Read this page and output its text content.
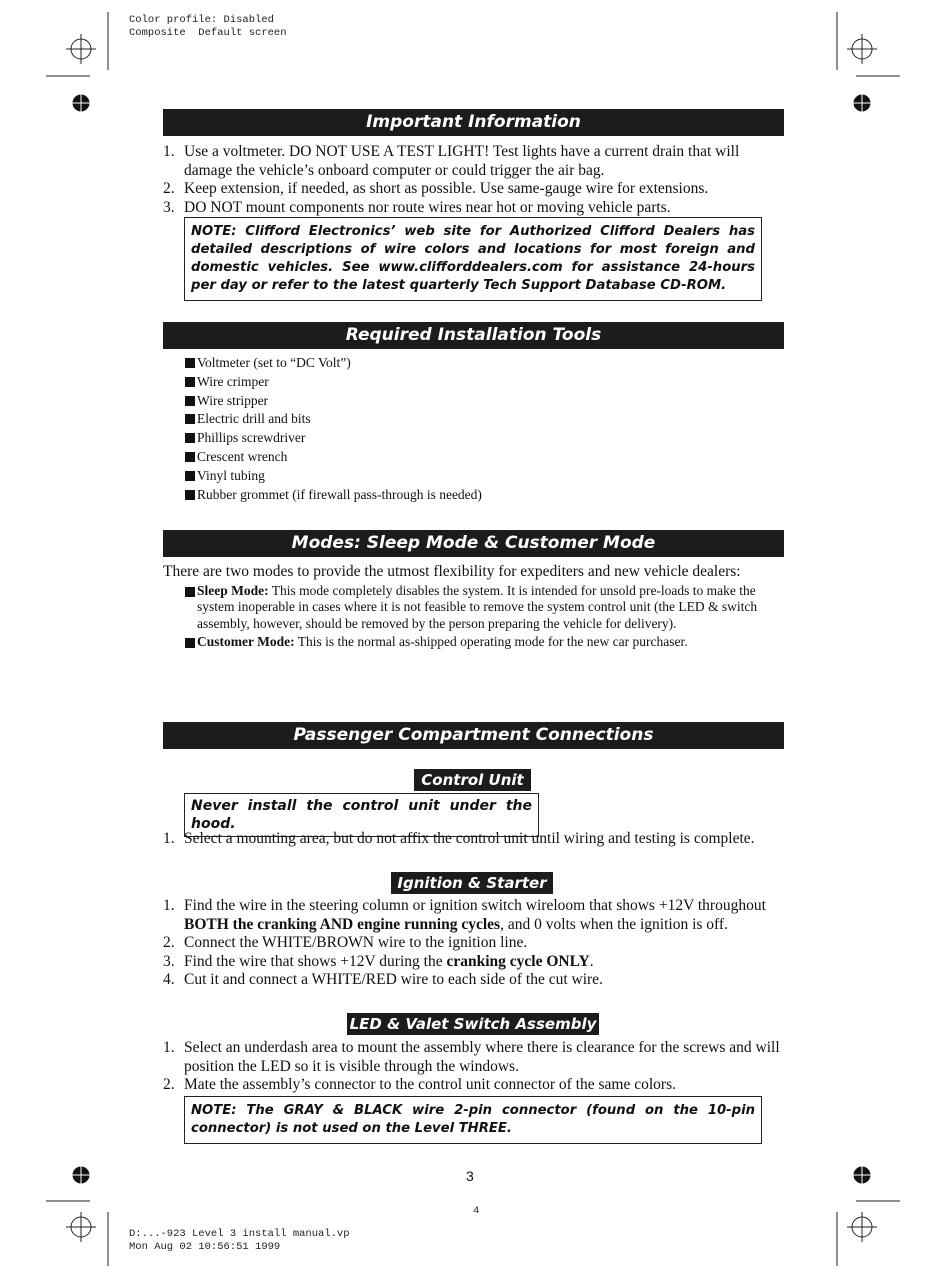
Color profile: Disabled
Composite  Default screen
Important Information
1. Use a voltmeter. DO NOT USE A TEST LIGHT! Test lights have a current drain that will damage the vehicle’s onboard computer or could trigger the air bag.
2. Keep extension, if needed, as short as possible. Use same-gauge wire for extensions.
3. DO NOT mount components nor route wires near hot or moving vehicle parts.
NOTE: Clifford Electronics’ web site for Authorized Clifford Dealers has detailed descriptions of wire colors and locations for most foreign and domestic vehicles. See www.clifforddealers.com for assistance 24-hours per day or refer to the latest quarterly Tech Support Database CD-ROM.
Required Installation Tools
Voltmeter (set to “DC Volt”)
Wire crimper
Wire stripper
Electric drill and bits
Phillips screwdriver
Crescent wrench
Vinyl tubing
Rubber grommet (if firewall pass-through is needed)
Modes: Sleep Mode & Customer Mode
There are two modes to provide the utmost flexibility for expediters and new vehicle dealers:
Sleep Mode: This mode completely disables the system. It is intended for unsold pre-loads to make the system inoperable in cases where it is not feasible to remove the system control unit (the LED & switch assembly, however, should be removed by the person preparing the vehicle for delivery).
Customer Mode: This is the normal as-shipped operating mode for the new car purchaser.
Passenger Compartment Connections
Control Unit
Never install the control unit under the hood.
1. Select a mounting area, but do not affix the control unit until wiring and testing is complete.
Ignition & Starter
1. Find the wire in the steering column or ignition switch wireloom that shows +12V throughout BOTH the cranking AND engine running cycles, and 0 volts when the ignition is off.
2. Connect the WHITE/BROWN wire to the ignition line.
3. Find the wire that shows +12V during the cranking cycle ONLY.
4. Cut it and connect a WHITE/RED wire to each side of the cut wire.
LED & Valet Switch Assembly
1. Select an underdash area to mount the assembly where there is clearance for the screws and will position the LED so it is visible through the windows.
2. Mate the assembly’s connector to the control unit connector of the same colors.
NOTE: The GRAY & BLACK wire 2-pin connector (found on the 10-pin connector) is not used on the Level THREE.
3
4
D:...-923 Level 3 install manual.vp
Mon Aug 02 10:56:51 1999
